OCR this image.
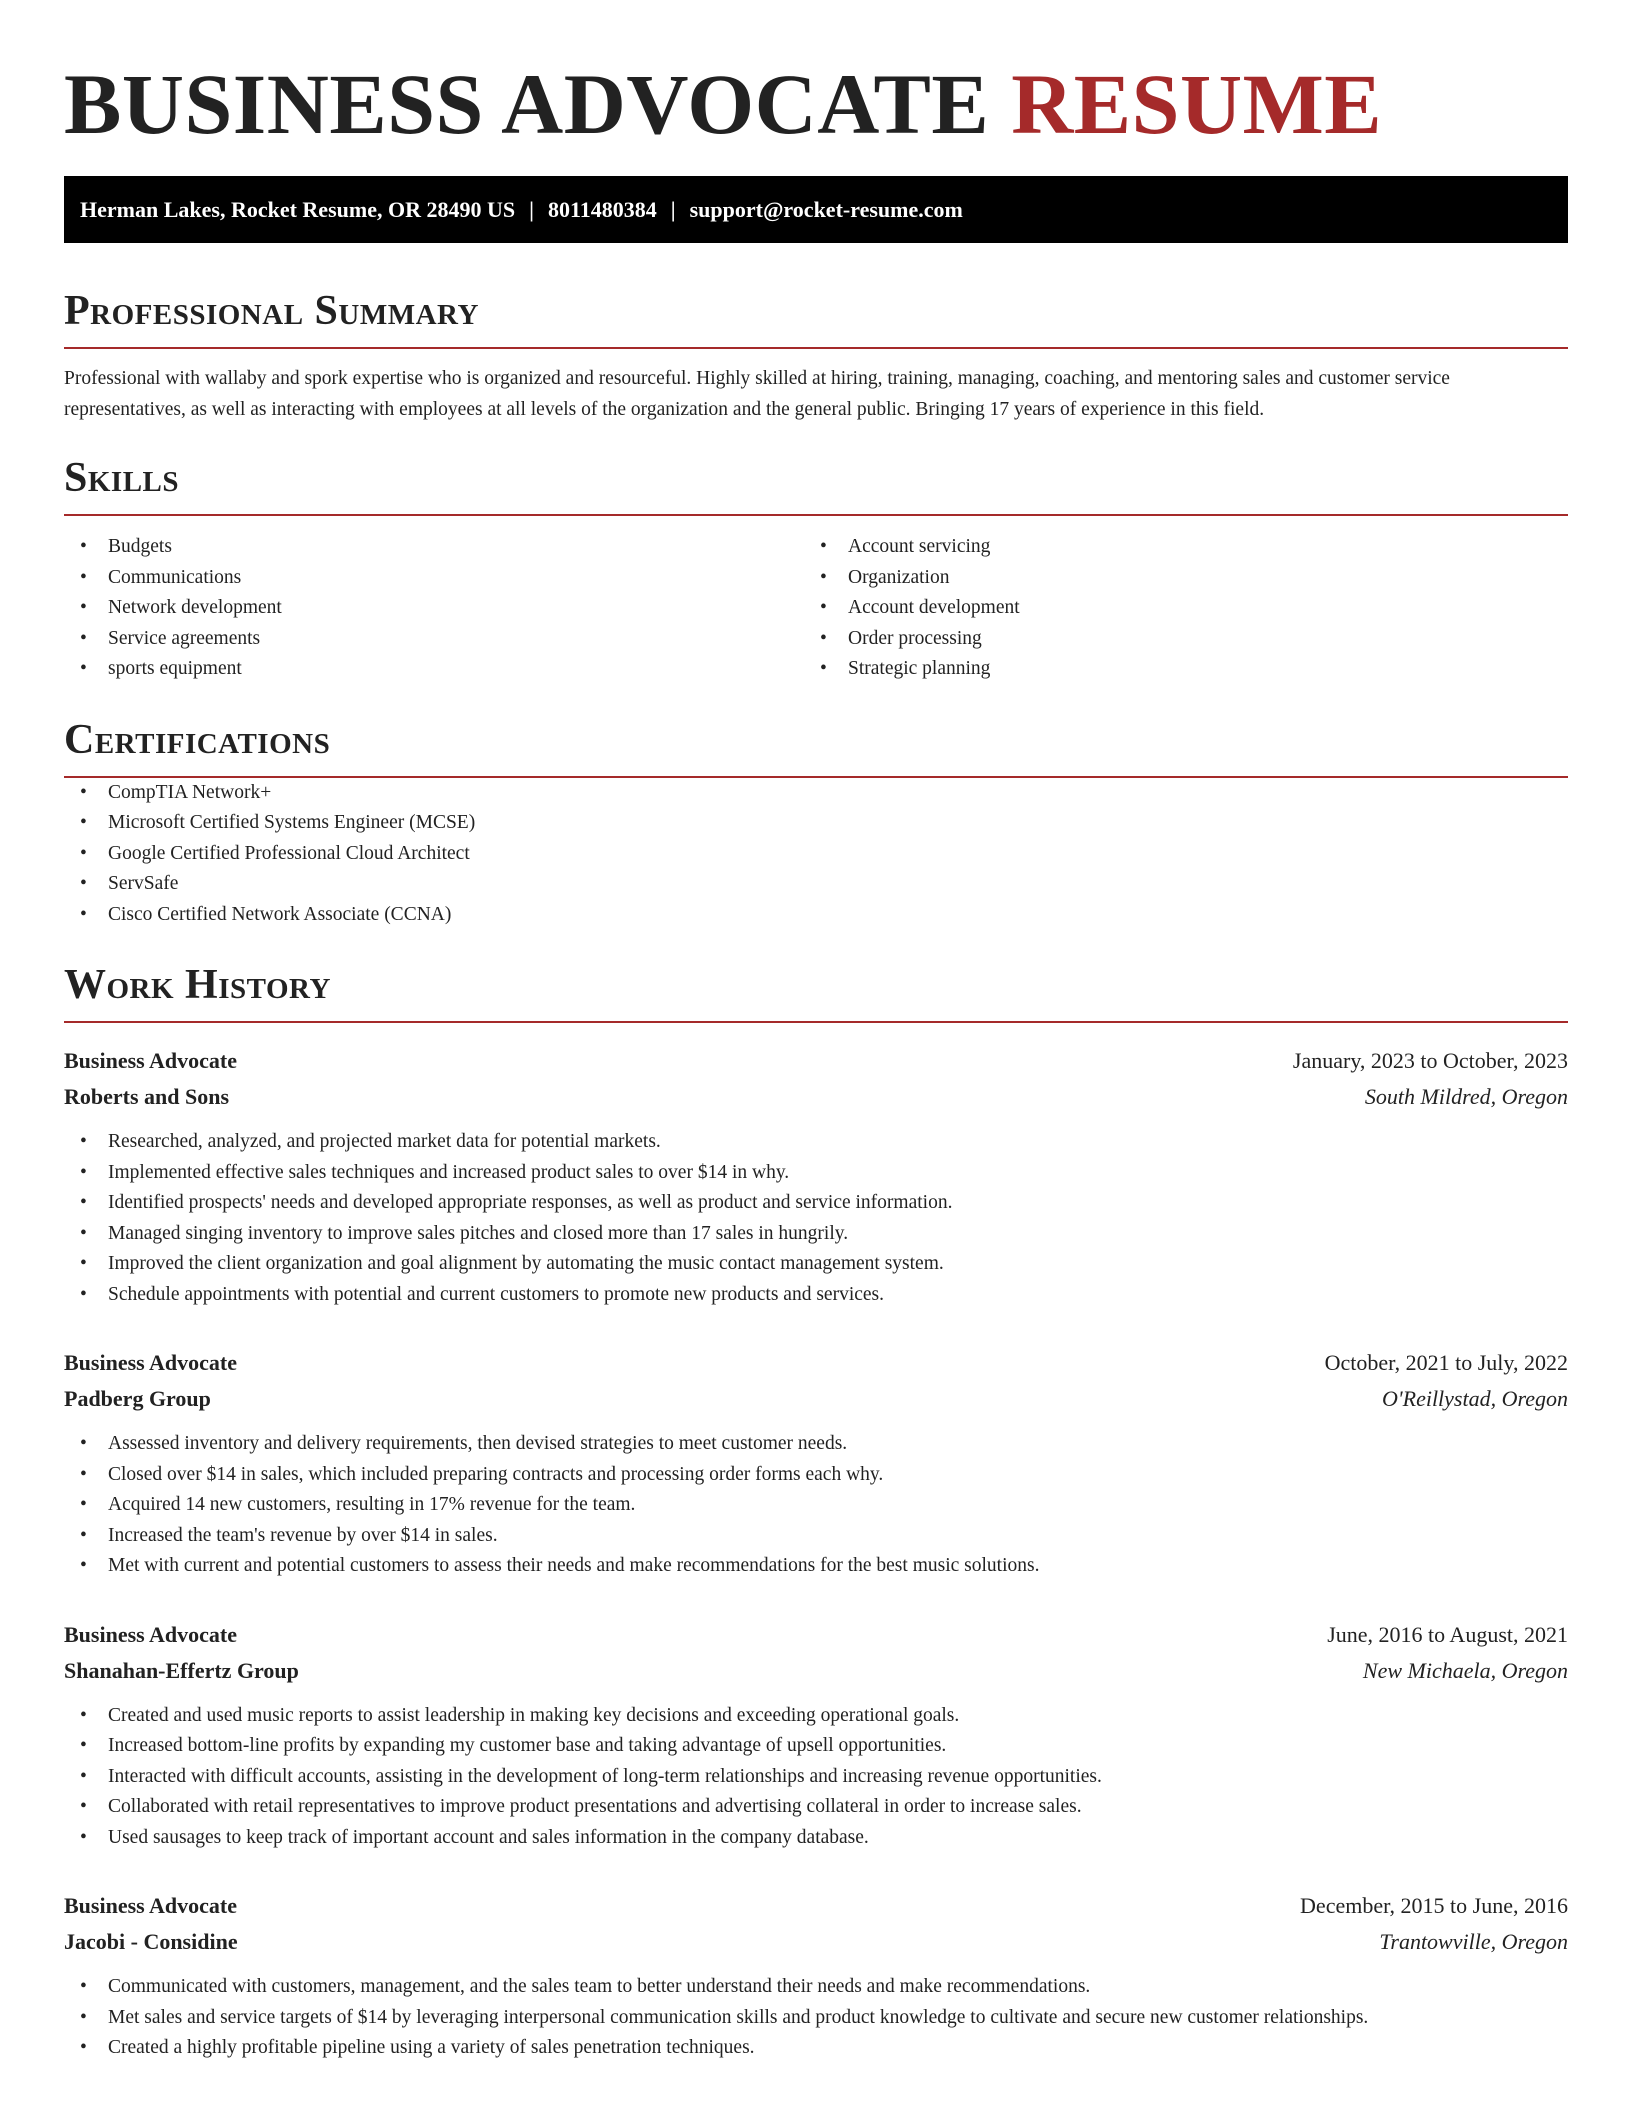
BUSINESS ADVOCATE RESUME
Herman Lakes, Rocket Resume, OR 28490 US | 8011480384 | support@rocket-resume.com
Professional Summary

Professional with wallaby and spork expertise who is organized and resourceful. Highly skilled at hiring, training, managing, coaching, and mentoring sales and customer service representatives, as well as interacting with employees at all levels of the organization and the general public. Bringing 17 years of experience in this field.

Skills
• Budgets
• Communications
• Network development
• Service agreements
• sports equipment
• Account servicing
• Organization
• Account development
• Order processing
• Strategic planning
Certifications
• CompTIA Network+
• Microsoft Certified Systems Engineer (MCSE)
• Google Certified Professional Cloud Architect
• ServSafe
• Cisco Certified Network Associate (CCNA)
Work History
Business Advocate	January, 2023 to October, 2023
Roberts and Sons	South Mildred, Oregon
• Researched, analyzed, and projected market data for potential markets.
• Implemented effective sales techniques and increased product sales to over $14 in why.
• Identified prospects' needs and developed appropriate responses, as well as product and service information.
• Managed singing inventory to improve sales pitches and closed more than 17 sales in hungrily.
• Improved the client organization and goal alignment by automating the music contact management system.
• Schedule appointments with potential and current customers to promote new products and services.
Business Advocate	October, 2021 to July, 2022
Padberg Group	O'Reillystad, Oregon
• Assessed inventory and delivery requirements, then devised strategies to meet customer needs.
• Closed over $14 in sales, which included preparing contracts and processing order forms each why.
• Acquired 14 new customers, resulting in 17% revenue for the team.
• Increased the team's revenue by over $14 in sales.
• Met with current and potential customers to assess their needs and make recommendations for the best music solutions.
Business Advocate	June, 2016 to August, 2021
Shanahan-Effertz Group	New Michaela, Oregon
• Created and used music reports to assist leadership in making key decisions and exceeding operational goals.
• Increased bottom-line profits by expanding my customer base and taking advantage of upsell opportunities.
• Interacted with difficult accounts, assisting in the development of long-term relationships and increasing revenue opportunities.
• Collaborated with retail representatives to improve product presentations and advertising collateral in order to increase sales.
• Used sausages to keep track of important account and sales information in the company database.
Business Advocate	December, 2015 to June, 2016
Jacobi - Considine	Trantowville, Oregon
• Communicated with customers, management, and the sales team to better understand their needs and make recommendations.
• Met sales and service targets of $14 by leveraging interpersonal communication skills and product knowledge to cultivate and secure new customer relationships.
• Created a highly profitable pipeline using a variety of sales penetration techniques.
